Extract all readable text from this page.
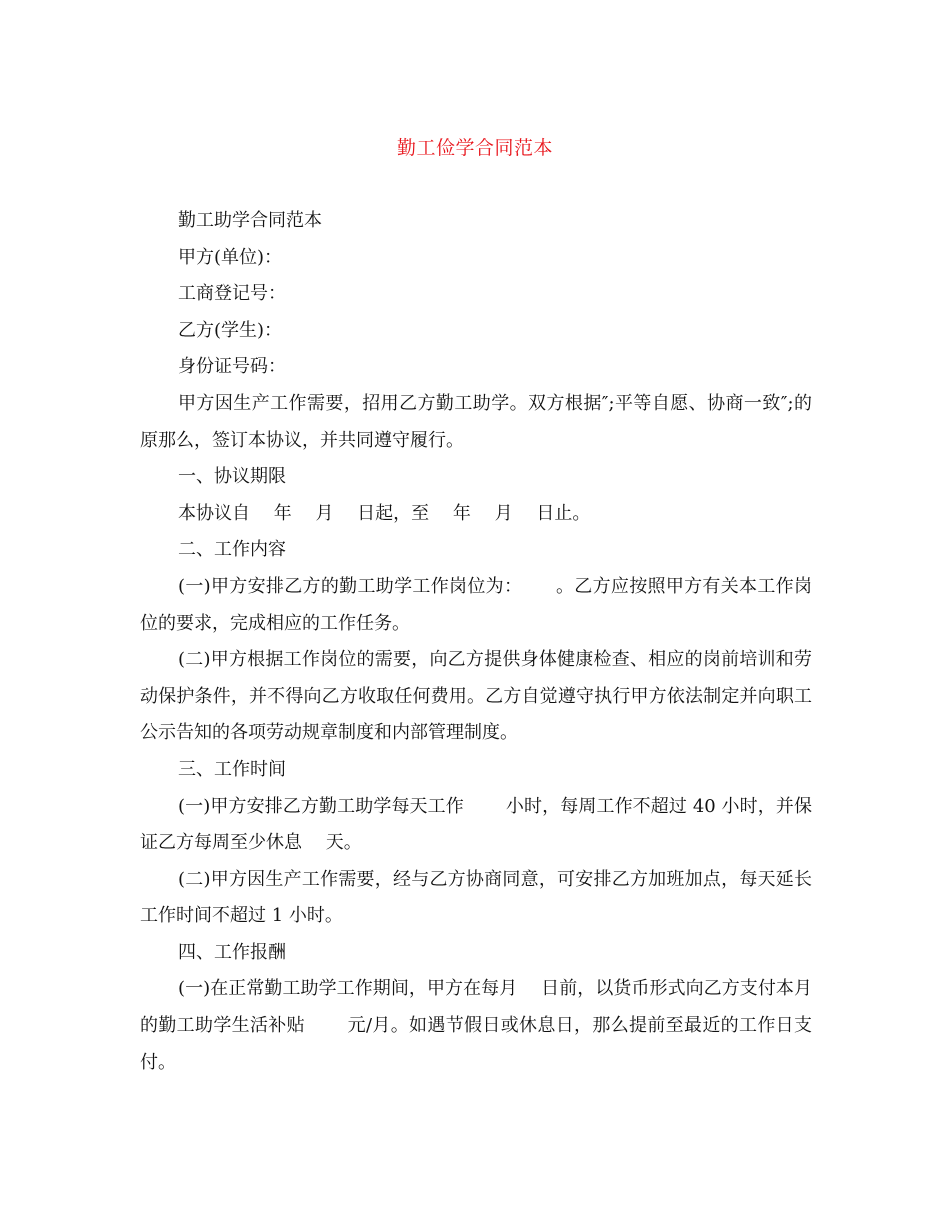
勤工俭学合同范本

勤工助学合同范本

甲方(单位)：

工商登记号：

乙方(学生)：

身份证号码：

甲方因生产工作需要，招用乙方勤工助学。双方根据″;平等自愿、协商一致″;的原那么，签订本协议，并共同遵守履行。

一、协议期限

本协议自　 年　 月　 日起，至　 年　 月　 日止。

二、工作内容

(一)甲方安排乙方的勤工助学工作岗位为：　　 。乙方应按照甲方有关本工作岗位的要求，完成相应的工作任务。

(二)甲方根据工作岗位的需要，向乙方提供身体健康检查、相应的岗前培训和劳动保护条件，并不得向乙方收取任何费用。乙方自觉遵守执行甲方依法制定并向职工公示告知的各项劳动规章制度和内部管理制度。

三、工作时间

(一)甲方安排乙方勤工助学每天工作　　 小时，每周工作不超过 40 小时，并保证乙方每周至少休息　 天。

(二)甲方因生产工作需要，经与乙方协商同意，可安排乙方加班加点，每天延长工作时间不超过 1 小时。

四、工作报酬

(一)在正常勤工助学工作期间，甲方在每月　 日前，以货币形式向乙方支付本月的勤工助学生活补贴　　 元/月。如遇节假日或休息日，那么提前至最近的工作日支付。
